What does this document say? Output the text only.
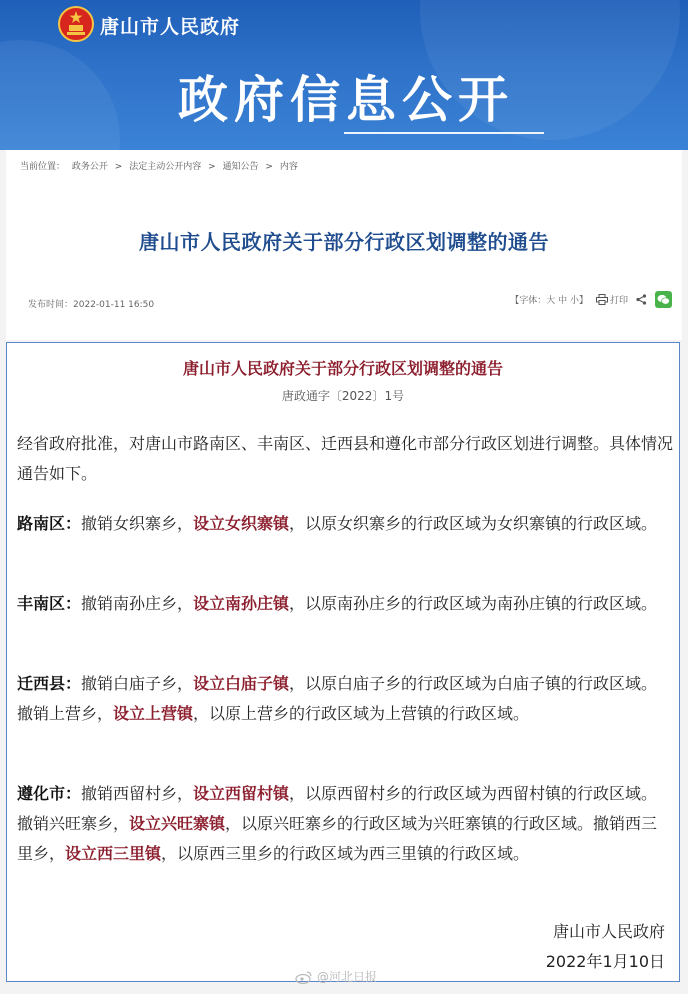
唐山市人民政府
政府信息公开
当前位置： 政务公开 > 法定主动公开内容 > 通知公告 > 内容
唐山市人民政府关于部分行政区划调整的通告
发布时间：2022-01-11 16:50	【字体：大 中 小】 打印
唐山市人民政府关于部分行政区划调整的通告
唐政通字〔2022〕1号

经省政府批准，对唐山市路南区、丰南区、迁西县和遵化市部分行政区划进行调整。具体情况通告如下。

路南区：撤销女织寨乡，设立女织寨镇，以原女织寨乡的行政区域为女织寨镇的行政区域。

丰南区：撤销南孙庄乡，设立南孙庄镇，以原南孙庄乡的行政区域为南孙庄镇的行政区域。

迁西县：撤销白庙子乡，设立白庙子镇，以原白庙子乡的行政区域为白庙子镇的行政区域。撤销上营乡，设立上营镇，以原上营乡的行政区域为上营镇的行政区域。

遵化市：撤销西留村乡，设立西留村镇，以原西留村乡的行政区域为西留村镇的行政区域。撤销兴旺寨乡，设立兴旺寨镇，以原兴旺寨乡的行政区域为兴旺寨镇的行政区域。撤销西三里乡，设立西三里镇，以原西三里乡的行政区域为西三里镇的行政区域。

唐山市人民政府
2022年1月10日
@河北日报
